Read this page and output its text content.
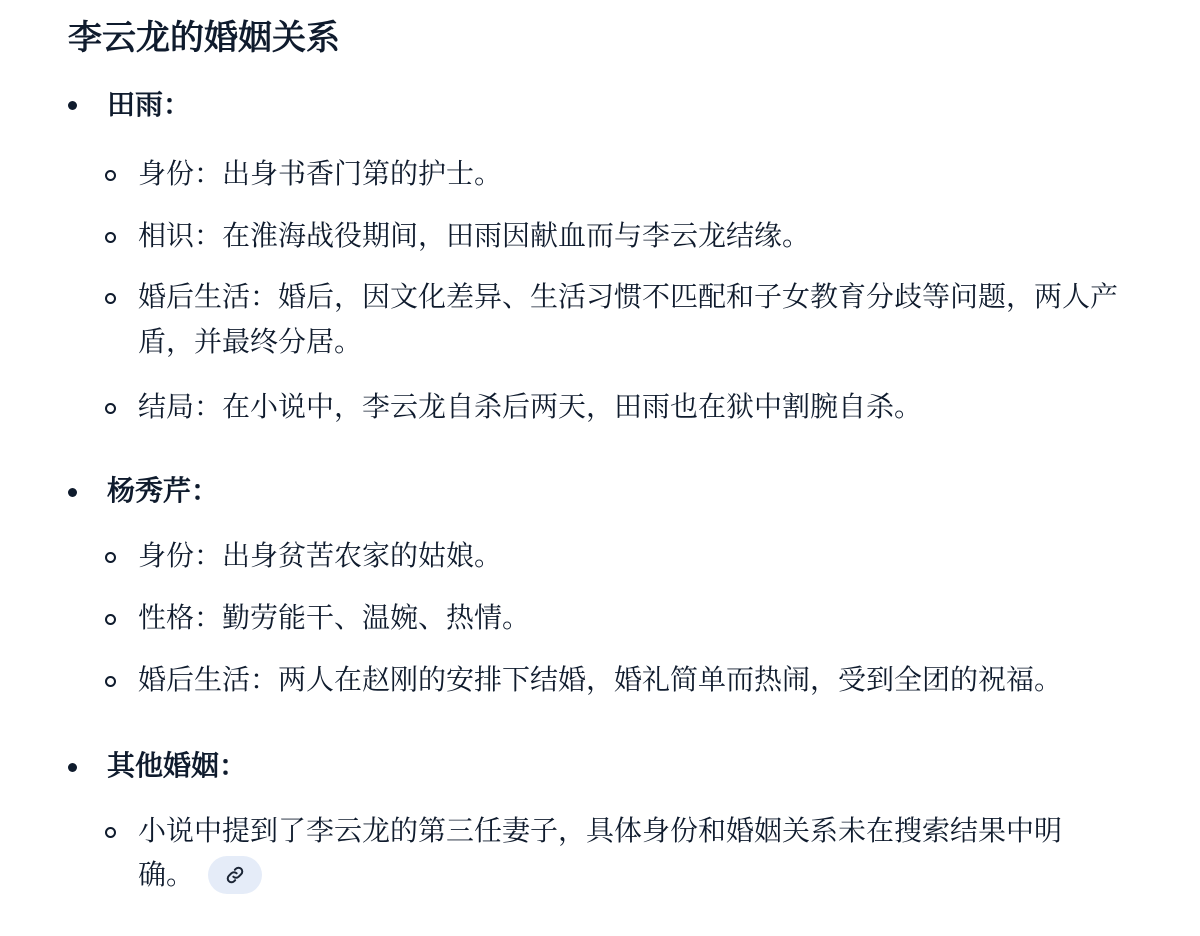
李云龙的婚姻关系
田雨：
身份：出身书香门第的护士。
相识：在淮海战役期间，田雨因献血而与李云龙结缘。
婚后生活：婚后，因文化差异、生活习惯不匹配和子女教育分歧等问题，两人产
盾，并最终分居。
结局：在小说中，李云龙自杀后两天，田雨也在狱中割腕自杀。
杨秀芹：
身份：出身贫苦农家的姑娘。
性格：勤劳能干、温婉、热情。
婚后生活：两人在赵刚的安排下结婚，婚礼简单而热闹，受到全团的祝福。
其他婚姻：
小说中提到了李云龙的第三任妻子，具体身份和婚姻关系未在搜索结果中明
确。
